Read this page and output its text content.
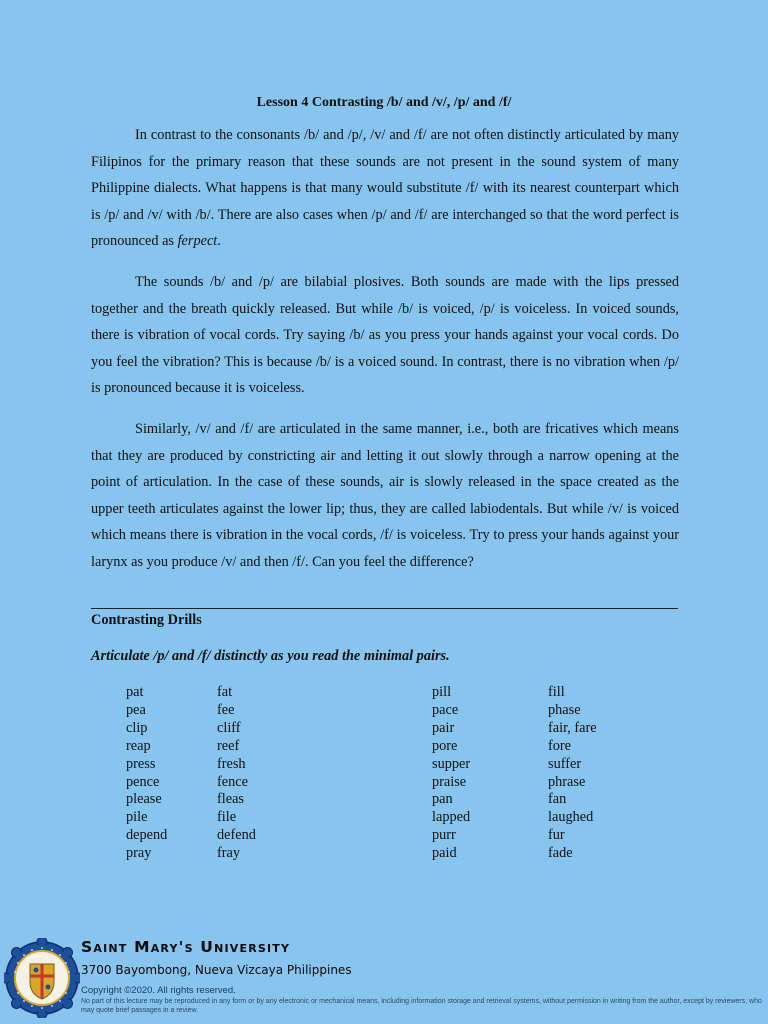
Lesson 4 Contrasting /b/ and /v/, /p/ and /f/

In contrast to the consonants /b/ and /p/, /v/ and /f/ are not often distinctly articulated by many Filipinos for the primary reason that these sounds are not present in the sound system of many Philippine dialects. What happens is that many would substitute /f/ with its nearest counterpart which is /p/ and /v/ with /b/. There are also cases when /p/ and /f/ are interchanged so that the word perfect is pronounced as ferpect.

The sounds /b/ and /p/ are bilabial plosives. Both sounds are made with the lips pressed together and the breath quickly released. But while /b/ is voiced, /p/ is voiceless. In voiced sounds, there is vibration of vocal cords. Try saying /b/ as you press your hands against your vocal cords. Do you feel the vibration? This is because /b/ is a voiced sound. In contrast, there is no vibration when /p/ is pronounced because it is voiceless.

Similarly, /v/ and /f/ are articulated in the same manner, i.e., both are fricatives which means that they are produced by constricting air and letting it out slowly through a narrow opening at the point of articulation. In the case of these sounds, air is slowly released in the space created as the upper teeth articulates against the lower lip; thus, they are called labiodentals. But while /v/ is voiced which means there is vibration in the vocal cords, /f/ is voiceless. Try to press your hands against your larynx as you produce /v/ and then /f/. Can you feel the difference?

Contrasting Drills
Articulate /p/ and /f/ distinctly as you read the minimal pairs.
pat
pea
clip
reap
press
pence
please
pile
depend
pray
fat
fee
cliff
reef
fresh
fence
fleas
file
defend
fray
pill
pace
pair
pore
supper
praise
pan
lapped
purr
paid
fill
phase
fair, fare
fore
suffer
phrase
fan
laughed
fur
fade
Saint Mary's University
3700 Bayombong, Nueva Vizcaya Philippines
Copyright ©2020. All rights reserved.
No part of this lecture may be reproduced in any form or by any electronic or mechanical means, including information storage and retrieval systems, without permission in writing from the author, except by reviewers, who may quote brief passages in a review.
